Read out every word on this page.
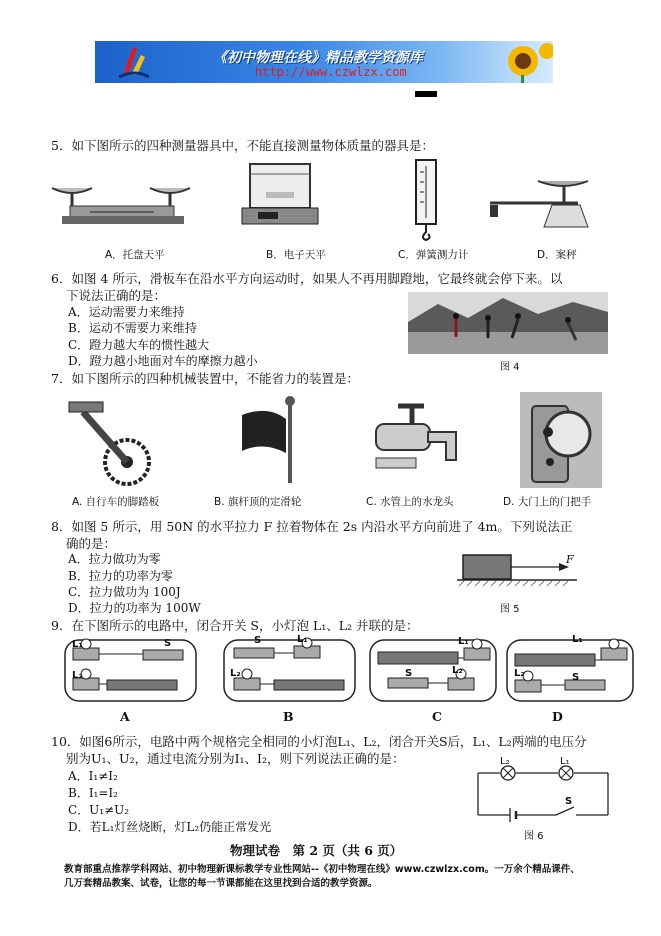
《初中物理在线》精品教学资源库
http://www.czwlzx.com
5．如下图所示的四种测量器具中，不能直接测量物体质量的器具是：
A．托盘天平	B．电子天平	C．弹簧测力计	D．案秤
6．如图 4 所示，滑板车在沿水平方向运动时，如果人不再用脚蹬地，它最终就会停下来。以
下说法正确的是：
A．运动需要力来维持
B．运动不需要力来维持
C．蹬力越大车的惯性越大
D．蹬力越小地面对车的摩擦力越小	图 4
7．如下图所示的四种机械装置中，不能省力的装置是：
A. 自行车的脚踏板	B. 旗杆顶的定滑轮	C. 水管上的水龙头	D. 大门上的门把手
8．如图 5 所示，用 50N 的水平拉力 F 拉着物体在 2s 内沿水平方向前进了 4m。下列说法正
确的是：
A．拉力做功为零
B．拉力的功率为零
C．拉力做功为 100J
D．拉力的功率为 100W
F
图 5
9．在下图所示的电路中，闭合开关 S，小灯泡 L₁、L₂ 并联的是：
L₁
L₂
S	S	L₁
L₂
L₁
S	L₂
L₁
L₂	S
A	B	C	D
10．如图6所示，电路中两个规格完全相同的小灯泡L₁、L₂，闭合开关S后，L₁、L₂两端的电压分
别为U₁、U₂，通过电流分别为I₁、I₂，则下列说法正确的是：
A．I₁≠I₂
B．I₁=I₂
C．U₁≠U₂
D．若L₁灯丝烧断，灯L₂仍能正常发光
L₂	L₁
S
图 6
物理试卷　第 2 页（共 6 页）
教育部重点推荐学科网站、初中物理新课标教学专业性网站--《初中物理在线》www.czwlzx.com。一万余个精品课件、
几万套精品教案、试卷，让您的每一节课都能在这里找到合适的教学资源。
